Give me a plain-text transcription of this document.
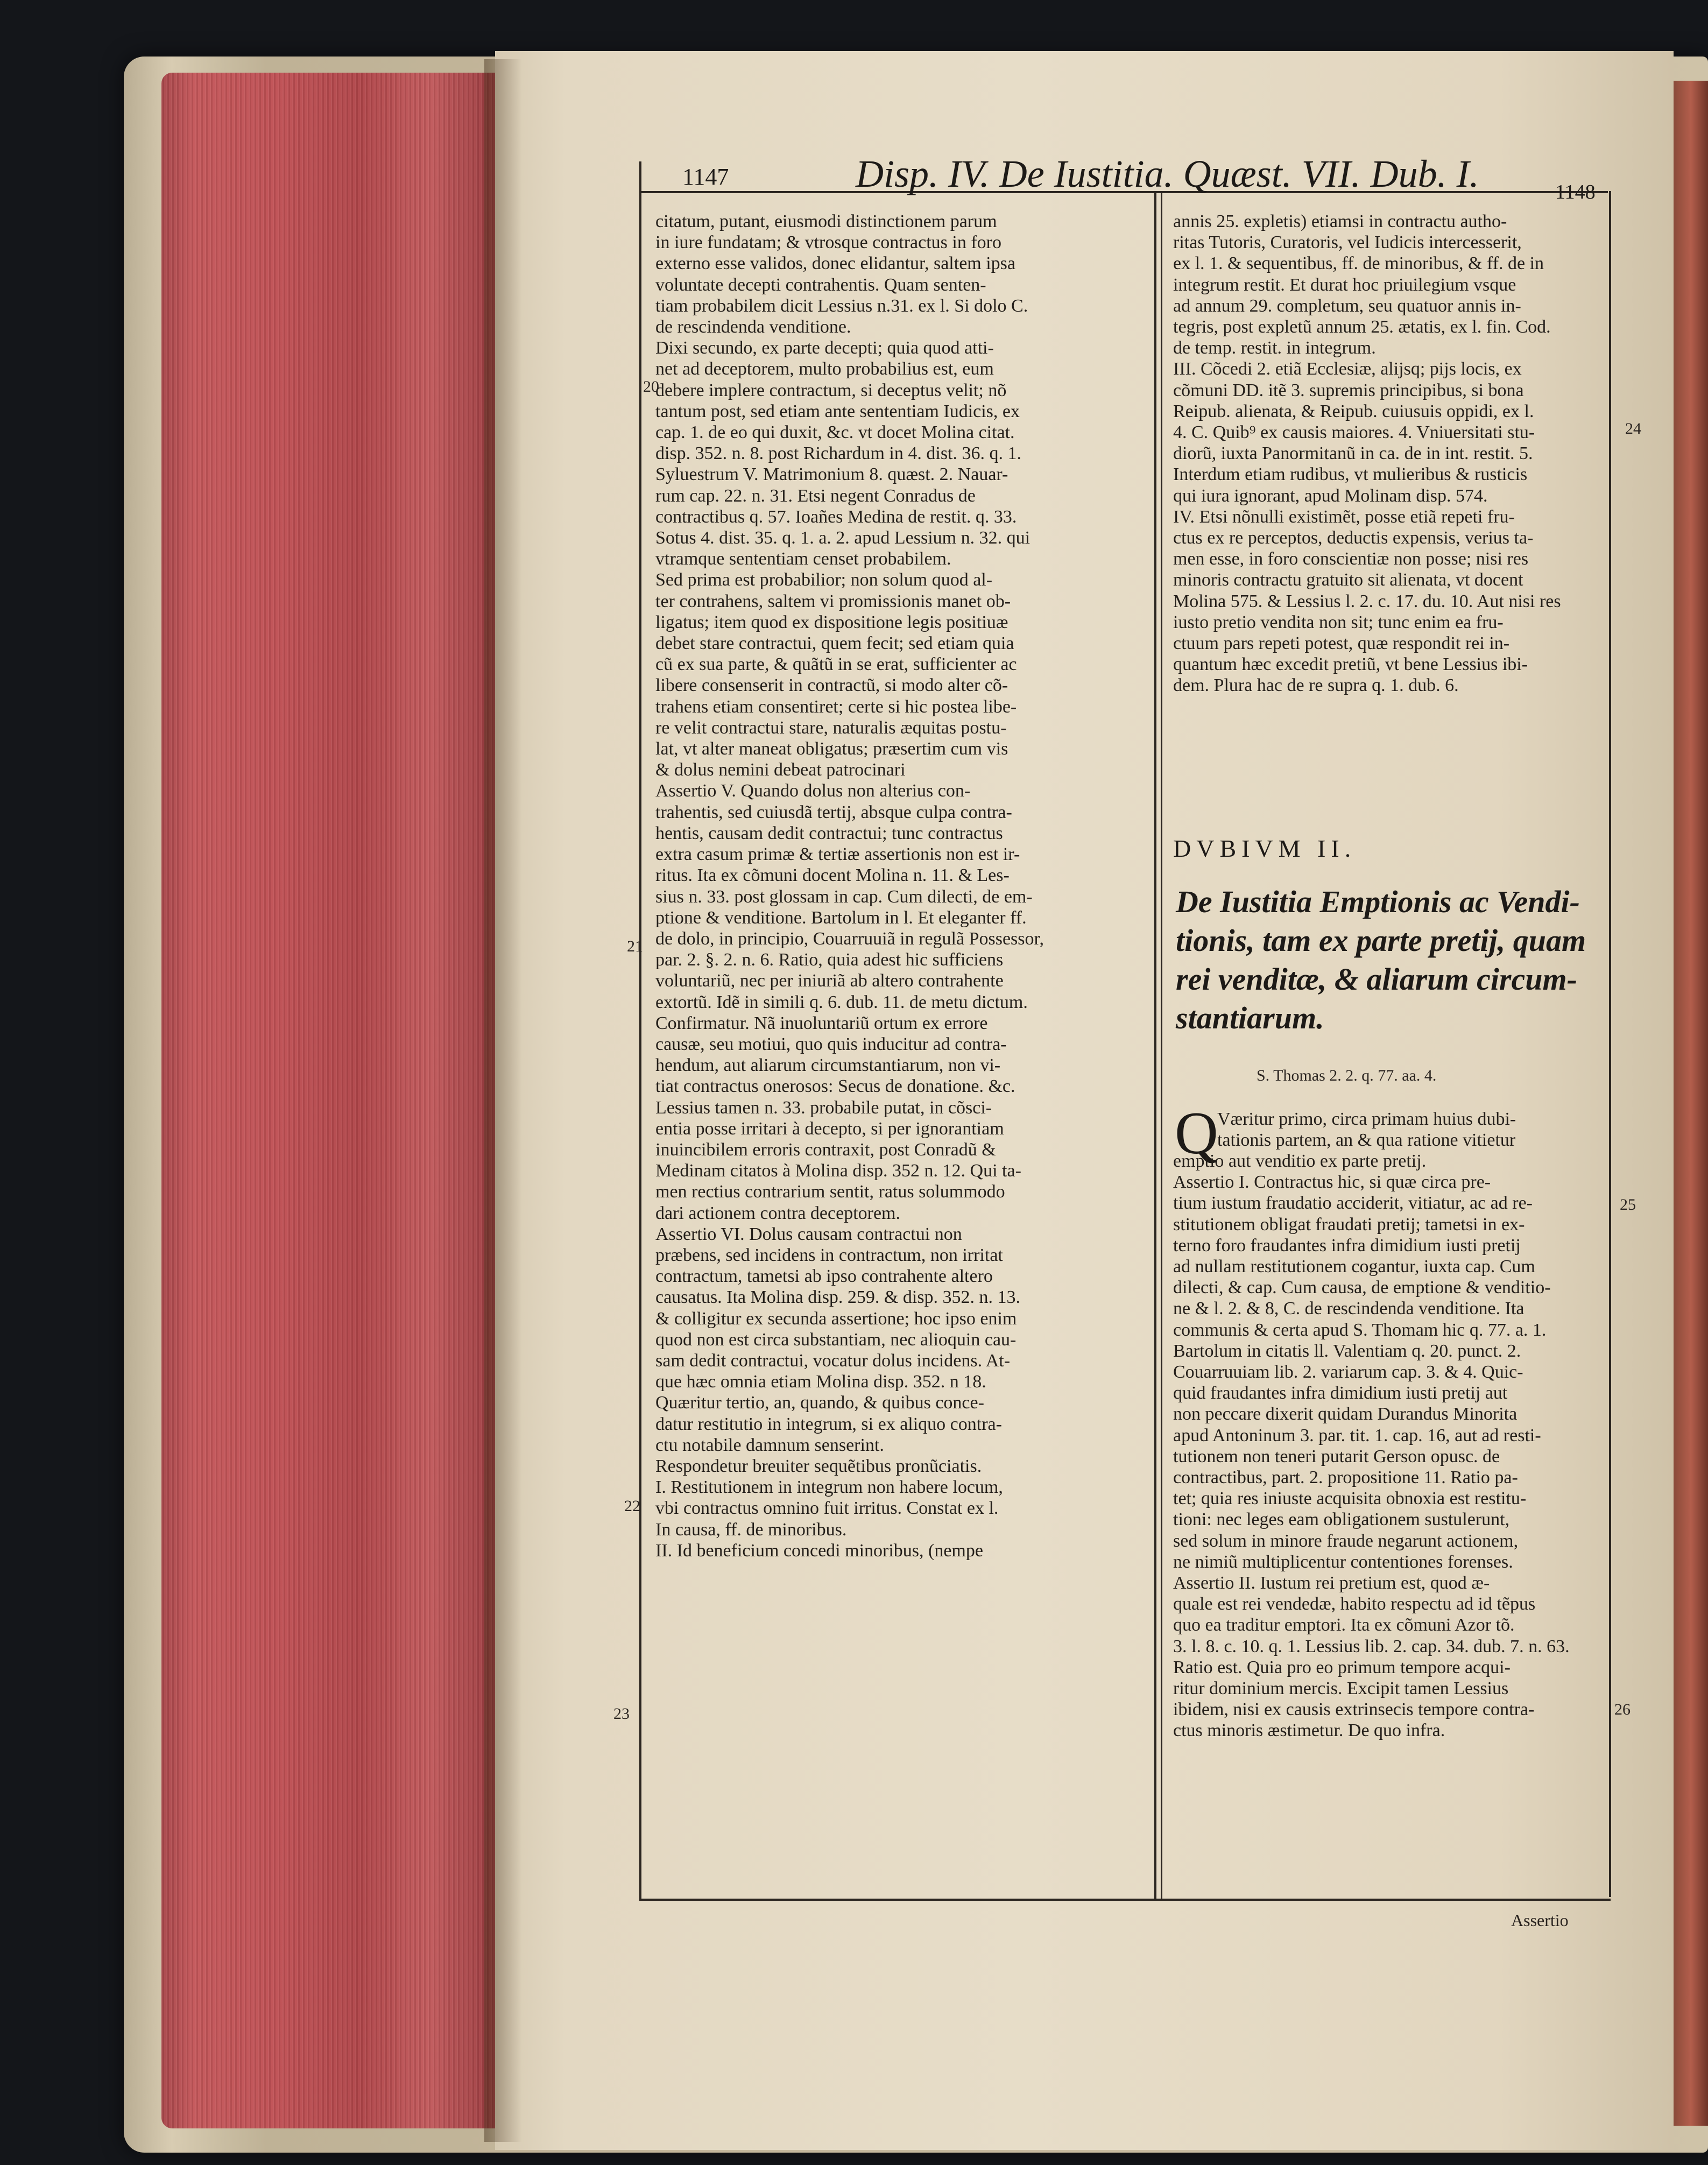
1147	Disp. IV. De Iustitia. Quæst. VII. Dub. I.	1148
20
21
22
23
24
25
26

citatum, putant, eiusmodi distinctionem parum

in iure fundatam; & vtrosque contractus in foro

externo esse validos, donec elidantur, saltem ipsa

voluntate decepti contrahentis. Quam senten-

tiam probabilem dicit Lessius n.31. ex l. Si dolo C.

de rescindenda venditione.

Dixi secundo, ex parte decepti; quia quod atti-

net ad deceptorem, multo probabilius est, eum

debere implere contractum, si deceptus velit; nõ

tantum post, sed etiam ante sententiam Iudicis, ex

cap. 1. de eo qui duxit, &c. vt docet Molina citat.

disp. 352. n. 8. post Richardum in 4. dist. 36. q. 1.

Syluestrum V. Matrimonium 8. quæst. 2. Nauar-

rum cap. 22. n. 31. Etsi negent Conradus de

contractibus q. 57. Ioañes Medina de restit. q. 33.

Sotus 4. dist. 35. q. 1. a. 2. apud Lessium n. 32. qui

vtramque sententiam censet probabilem.

Sed prima est probabilior; non solum quod al-

ter contrahens, saltem vi promissionis manet ob-

ligatus; item quod ex dispositione legis positiuæ

debet stare contractui, quem fecit; sed etiam quia

cũ ex sua parte, & quãtũ in se erat, sufficienter ac

libere consenserit in contractũ, si modo alter cõ-

trahens etiam consentiret; certe si hic postea libe-

re velit contractui stare, naturalis æquitas postu-

lat, vt alter maneat obligatus; præsertim cum vis

& dolus nemini debeat patrocinari

Assertio V. Quando dolus non alterius con-

trahentis, sed cuiusdã tertij, absque culpa contra-

hentis, causam dedit contractui; tunc contractus

extra casum primæ & tertiæ assertionis non est ir-

ritus. Ita ex cõmuni docent Molina n. 11. & Les-

sius n. 33. post glossam in cap. Cum dilecti, de em-

ptione & venditione. Bartolum in l. Et eleganter ff.

de dolo, in principio, Couarruuiã in regulã Possessor,

par. 2. §. 2. n. 6. Ratio, quia adest hic sufficiens

voluntariũ, nec per iniuriã ab altero contrahente

extortũ. Idẽ in simili q. 6. dub. 11. de metu dictum.

Confirmatur. Nã inuoluntariũ ortum ex errore

causæ, seu motiui, quo quis inducitur ad contra-

hendum, aut aliarum circumstantiarum, non vi-

tiat contractus onerosos: Secus de donatione. &c.

Lessius tamen n. 33. probabile putat, in cõsci-

entia posse irritari à decepto, si per ignorantiam

inuincibilem erroris contraxit, post Conradũ &

Medinam citatos à Molina disp. 352 n. 12. Qui ta-

men rectius contrarium sentit, ratus solummodo

dari actionem contra deceptorem.

Assertio VI. Dolus causam contractui non

præbens, sed incidens in contractum, non irritat

contractum, tametsi ab ipso contrahente altero

causatus. Ita Molina disp. 259. & disp. 352. n. 13.

& colligitur ex secunda assertione; hoc ipso enim

quod non est circa substantiam, nec alioquin cau-

sam dedit contractui, vocatur dolus incidens. At-

que hæc omnia etiam Molina disp. 352. n 18.

Quæritur tertio, an, quando, & quibus conce-

datur restitutio in integrum, si ex aliquo contra-

ctu notabile damnum senserint.

Respondetur breuiter sequẽtibus pronũciatis.

I. Restitutionem in integrum non habere locum,

vbi contractus omnino fuit irritus. Constat ex l.

In causa, ff. de minoribus.

II. Id beneficium concedi minoribus, (nempe

annis 25. expletis) etiamsi in contractu autho-

ritas Tutoris, Curatoris, vel Iudicis intercesserit,

ex l. 1. & sequentibus, ff. de minoribus, & ff. de in

integrum restit. Et durat hoc priuilegium vsque

ad annum 29. completum, seu quatuor annis in-

tegris, post expletũ annum 25. ætatis, ex l. fin. Cod.

de temp. restit. in integrum.

III. Cõcedi 2. etiã Ecclesiæ, alijsq; pijs locis, ex

cõmuni DD. itẽ 3. supremis principibus, si bona

Reipub. alienata, & Reipub. cuiusuis oppidi, ex l.

4. C. Quib⁹ ex causis maiores. 4. Vniuersitati stu-

diorũ, iuxta Panormitanũ in ca. de in int. restit. 5.

Interdum etiam rudibus, vt mulieribus & rusticis

qui iura ignorant, apud Molinam disp. 574.

IV. Etsi nõnulli existimẽt, posse etiã repeti fru-

ctus ex re perceptos, deductis expensis, verius ta-

men esse, in foro conscientiæ non posse; nisi res

minoris contractu gratuito sit alienata, vt docent

Molina 575. & Lessius l. 2. c. 17. du. 10. Aut nisi res

iusto pretio vendita non sit; tunc enim ea fru-

ctuum pars repeti potest, quæ respondit rei in-

quantum hæc excedit pretiũ, vt bene Lessius ibi-

dem. Plura hac de re supra q. 1. dub. 6.

DVBIVM II.

De Iustitia Emptionis ac Vendi-

tionis, tam ex parte pretij, quam

rei venditæ, & aliarum circum-

stantiarum.

S. Thomas 2. 2. q. 77. aa. 4.
Q

Væritur primo, circa primam huius dubi-

tationis partem, an & qua ratione vitietur

emptio aut venditio ex parte pretij.

Assertio I. Contractus hic, si quæ circa pre-

tium iustum fraudatio acciderit, vitiatur, ac ad re-

stitutionem obligat fraudati pretij; tametsi in ex-

terno foro fraudantes infra dimidium iusti pretij

ad nullam restitutionem cogantur, iuxta cap. Cum

dilecti, & cap. Cum causa, de emptione & venditio-

ne & l. 2. & 8, C. de rescindenda venditione. Ita

communis & certa apud S. Thomam hic q. 77. a. 1.

Bartolum in citatis ll. Valentiam q. 20. punct. 2.

Couarruuiam lib. 2. variarum cap. 3. & 4. Quic-

quid fraudantes infra dimidium iusti pretij aut

non peccare dixerit quidam Durandus Minorita

apud Antoninum 3. par. tit. 1. cap. 16, aut ad resti-

tutionem non teneri putarit Gerson opusc. de

contractibus, part. 2. propositione 11. Ratio pa-

tet; quia res iniuste acquisita obnoxia est restitu-

tioni: nec leges eam obligationem sustulerunt,

sed solum in minore fraude negarunt actionem,

ne nimiũ multiplicentur contentiones forenses.

Assertio II. Iustum rei pretium est, quod æ-

quale est rei vendedæ, habito respectu ad id tẽpus

quo ea traditur emptori. Ita ex cõmuni Azor tõ.

3. l. 8. c. 10. q. 1. Lessius lib. 2. cap. 34. dub. 7. n. 63.

Ratio est. Quia pro eo primum tempore acqui-

ritur dominium mercis. Excipit tamen Lessius

ibidem, nisi ex causis extrinsecis tempore contra-

ctus minoris æstimetur. De quo infra.

Assertio
